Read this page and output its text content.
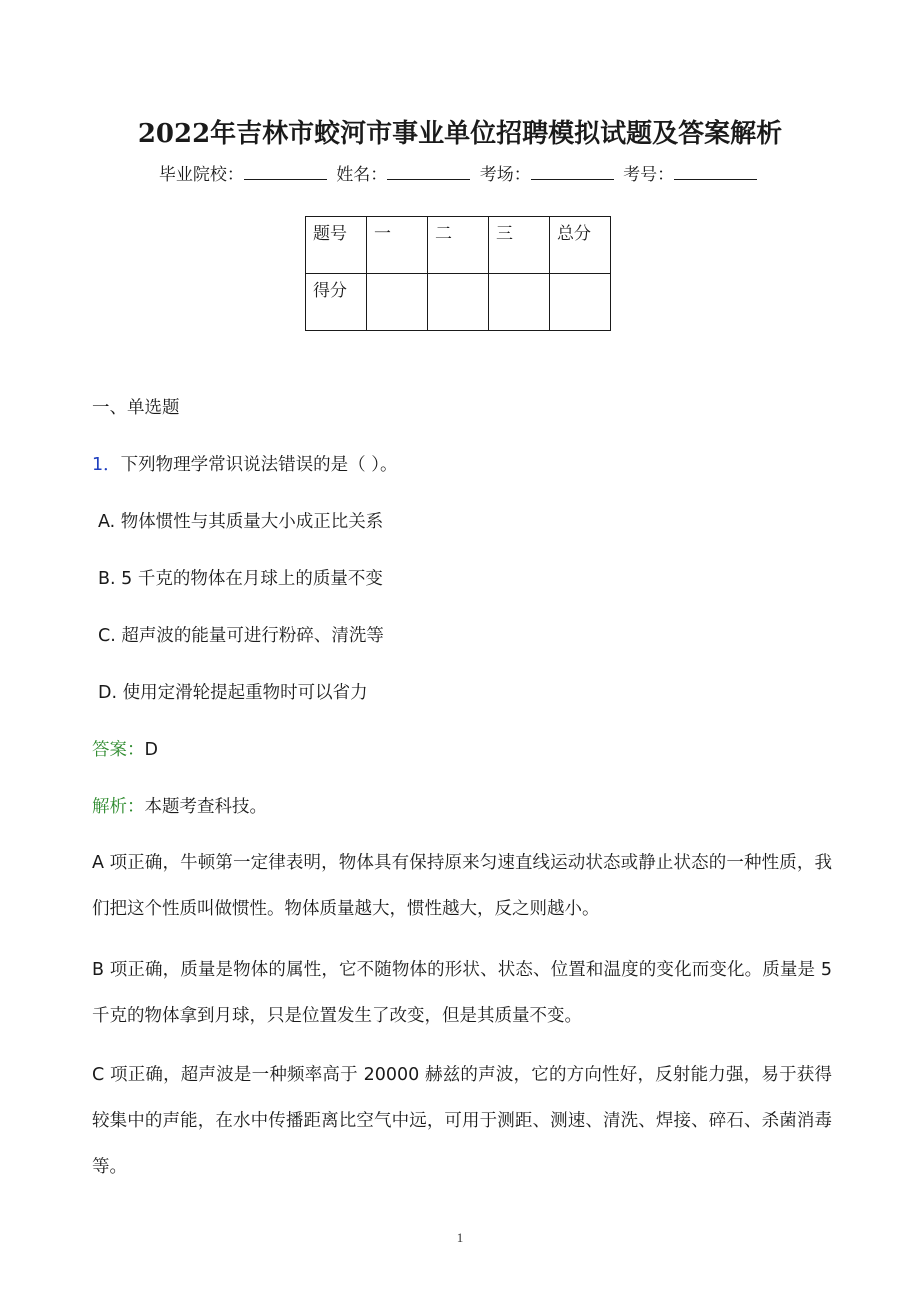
2022年吉林市蛟河市事业单位招聘模拟试题及答案解析
毕业院校：	姓名：	考场：	考号：
题号	一	二	三	总分
得分				
一、单选题
1．下列物理学常识说法错误的是（ ）。
A. 物体惯性与其质量大小成正比关系
B. 5 千克的物体在月球上的质量不变
C. 超声波的能量可进行粉碎、清洗等
D. 使用定滑轮提起重物时可以省力
答案：D
解析：本题考查科技。
A 项正确，牛顿第一定律表明，物体具有保持原来匀速直线运动状态或静止状态的一种性质，我们把这个性质叫做惯性。物体质量越大，惯性越大，反之则越小。
B 项正确，质量是物体的属性，它不随物体的形状、状态、位置和温度的变化而变化。质量是 5 千克的物体拿到月球，只是位置发生了改变，但是其质量不变。
C 项正确，超声波是一种频率高于 20000 赫兹的声波，它的方向性好，反射能力强，易于获得较集中的声能，在水中传播距离比空气中远，可用于测距、测速、清洗、焊接、碎石、杀菌消毒等。
1
